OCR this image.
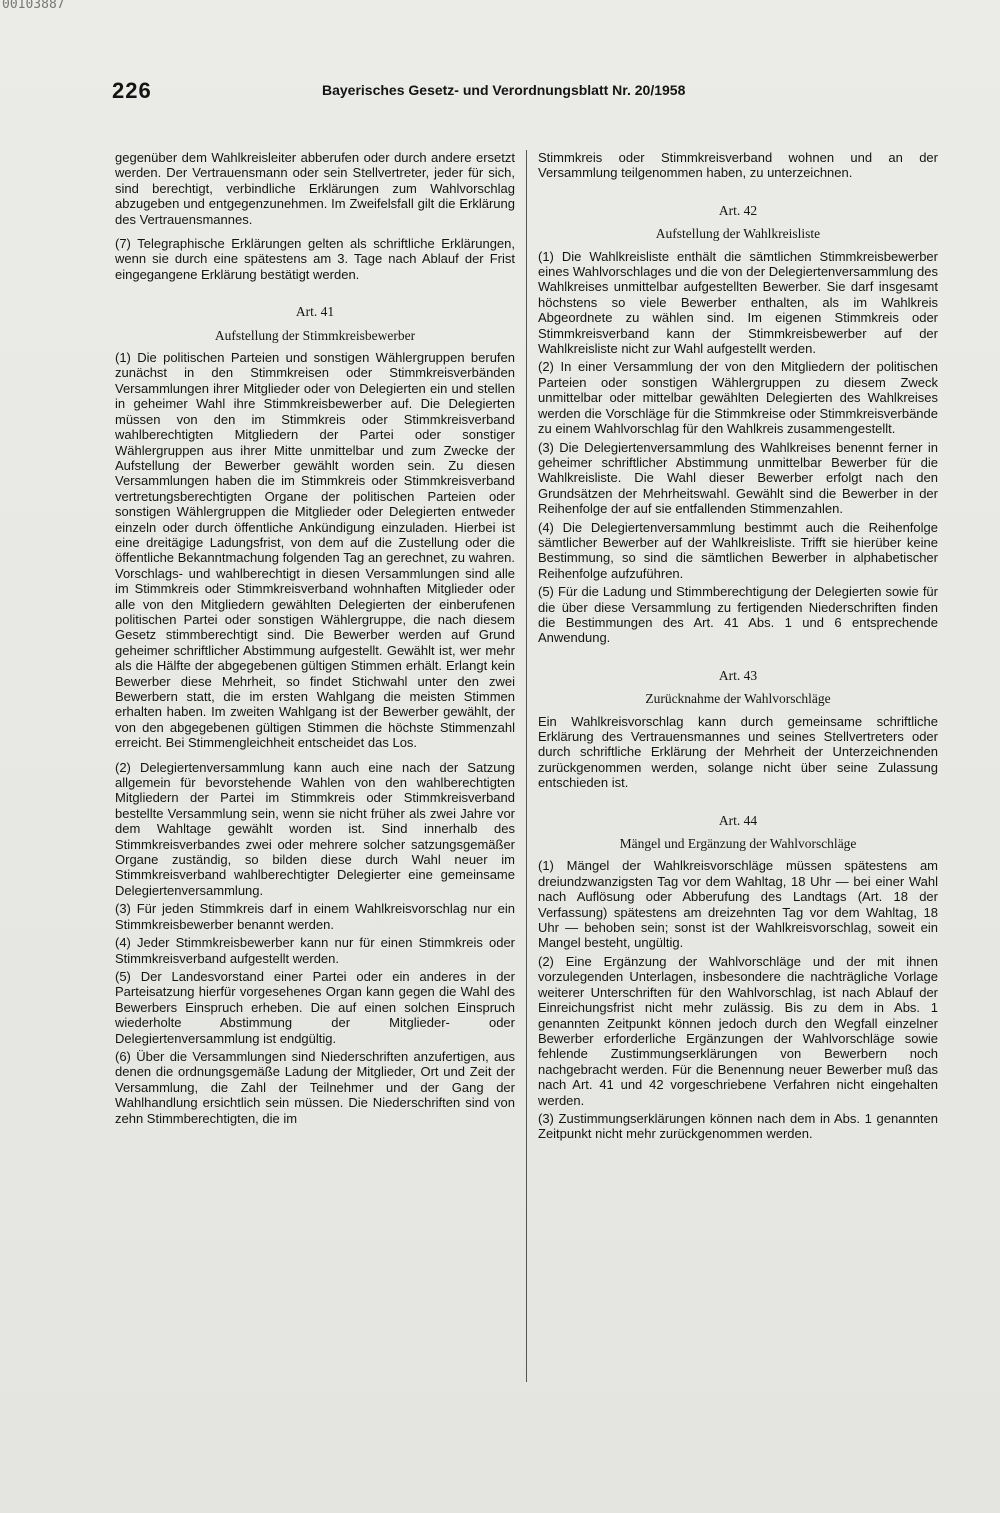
00103887
226	Bayerisches Gesetz- und Verordnungsblatt Nr. 20/1958

gegenüber dem Wahlkreisleiter abberufen oder durch andere ersetzt werden. Der Vertrauensmann oder sein Stellvertreter, jeder für sich, sind berechtigt, verbindliche Erklärungen zum Wahlvorschlag abzugeben und entgegenzunehmen. Im Zweifelsfall gilt die Erklärung des Vertrauensmannes.

(7) Telegraphische Erklärungen gelten als schriftliche Erklärungen, wenn sie durch eine spätestens am 3. Tage nach Ablauf der Frist eingegangene Erklärung bestätigt werden.

Art. 41
Aufstellung der Stimmkreisbewerber

(1) Die politischen Parteien und sonstigen Wählergruppen berufen zunächst in den Stimmkreisen oder Stimmkreisverbänden Versammlungen ihrer Mitglieder oder von Delegierten ein und stellen in geheimer Wahl ihre Stimmkreisbewerber auf. Die Delegierten müssen von den im Stimmkreis oder Stimmkreisverband wahlberechtigten Mitgliedern der Partei oder sonstiger Wählergruppen aus ihrer Mitte unmittelbar und zum Zwecke der Aufstellung der Bewerber gewählt worden sein. Zu diesen Versammlungen haben die im Stimmkreis oder Stimmkreisverband vertretungsberechtigten Organe der politischen Parteien oder sonstigen Wählergruppen die Mitglieder oder Delegierten entweder einzeln oder durch öffentliche Ankündigung einzuladen. Hierbei ist eine dreitägige Ladungsfrist, von dem auf die Zustellung oder die öffentliche Bekanntmachung folgenden Tag an gerechnet, zu wahren. Vorschlags- und wahlberechtigt in diesen Versammlungen sind alle im Stimmkreis oder Stimmkreisverband wohnhaften Mitglieder oder alle von den Mitgliedern gewählten Delegierten der einberufenen politischen Partei oder sonstigen Wählergruppe, die nach diesem Gesetz stimmberechtigt sind. Die Bewerber werden auf Grund geheimer schriftlicher Abstimmung aufgestellt. Gewählt ist, wer mehr als die Hälfte der abgegebenen gültigen Stimmen erhält. Erlangt kein Bewerber diese Mehrheit, so findet Stichwahl unter den zwei Bewerbern statt, die im ersten Wahlgang die meisten Stimmen erhalten haben. Im zweiten Wahlgang ist der Bewerber gewählt, der von den abgegebenen gültigen Stimmen die höchste Stimmenzahl erreicht. Bei Stimmengleichheit entscheidet das Los.

(2) Delegiertenversammlung kann auch eine nach der Satzung allgemein für bevorstehende Wahlen von den wahlberechtigten Mitgliedern der Partei im Stimmkreis oder Stimmkreisverband bestellte Versammlung sein, wenn sie nicht früher als zwei Jahre vor dem Wahltage gewählt worden ist. Sind innerhalb des Stimmkreisverbandes zwei oder mehrere solcher satzungsgemäßer Organe zuständig, so bilden diese durch Wahl neuer im Stimmkreisverband wahlberechtigter Delegierter eine gemeinsame Delegiertenversammlung.

(3) Für jeden Stimmkreis darf in einem Wahlkreisvorschlag nur ein Stimmkreisbewerber benannt werden.

(4) Jeder Stimmkreisbewerber kann nur für einen Stimmkreis oder Stimmkreisverband aufgestellt werden.

(5) Der Landesvorstand einer Partei oder ein anderes in der Parteisatzung hierfür vorgesehenes Organ kann gegen die Wahl des Bewerbers Einspruch erheben. Die auf einen solchen Einspruch wiederholte Abstimmung der Mitglieder- oder Delegiertenversammlung ist endgültig.

(6) Über die Versammlungen sind Niederschriften anzufertigen, aus denen die ordnungsgemäße Ladung der Mitglieder, Ort und Zeit der Versammlung, die Zahl der Teilnehmer und der Gang der Wahlhandlung ersichtlich sein müssen. Die Niederschriften sind von zehn Stimmberechtigten, die im

Stimmkreis oder Stimmkreisverband wohnen und an der Versammlung teilgenommen haben, zu unterzeichnen.

Art. 42
Aufstellung der Wahlkreisliste

(1) Die Wahlkreisliste enthält die sämtlichen Stimmkreisbewerber eines Wahlvorschlages und die von der Delegiertenversammlung des Wahlkreises unmittelbar aufgestellten Bewerber. Sie darf insgesamt höchstens so viele Bewerber enthalten, als im Wahlkreis Abgeordnete zu wählen sind. Im eigenen Stimmkreis oder Stimmkreisverband kann der Stimmkreisbewerber auf der Wahlkreisliste nicht zur Wahl aufgestellt werden.

(2) In einer Versammlung der von den Mitgliedern der politischen Parteien oder sonstigen Wählergruppen zu diesem Zweck unmittelbar oder mittelbar gewählten Delegierten des Wahlkreises werden die Vorschläge für die Stimmkreise oder Stimmkreisverbände zu einem Wahlvorschlag für den Wahlkreis zusammengestellt.

(3) Die Delegiertenversammlung des Wahlkreises benennt ferner in geheimer schriftlicher Abstimmung unmittelbar Bewerber für die Wahlkreisliste. Die Wahl dieser Bewerber erfolgt nach den Grundsätzen der Mehrheitswahl. Gewählt sind die Bewerber in der Reihenfolge der auf sie entfallenden Stimmenzahlen.

(4) Die Delegiertenversammlung bestimmt auch die Reihenfolge sämtlicher Bewerber auf der Wahlkreisliste. Trifft sie hierüber keine Bestimmung, so sind die sämtlichen Bewerber in alphabetischer Reihenfolge aufzuführen.

(5) Für die Ladung und Stimmberechtigung der Delegierten sowie für die über diese Versammlung zu fertigenden Niederschriften finden die Bestimmungen des Art. 41 Abs. 1 und 6 entsprechende Anwendung.

Art. 43
Zurücknahme der Wahlvorschläge

Ein Wahlkreisvorschlag kann durch gemeinsame schriftliche Erklärung des Vertrauensmannes und seines Stellvertreters oder durch schriftliche Erklärung der Mehrheit der Unterzeichnenden zurückgenommen werden, solange nicht über seine Zulassung entschieden ist.

Art. 44
Mängel und Ergänzung der Wahlvorschläge

(1) Mängel der Wahlkreisvorschläge müssen spätestens am dreiundzwanzigsten Tag vor dem Wahltag, 18 Uhr — bei einer Wahl nach Auflösung oder Abberufung des Landtags (Art. 18 der Verfassung) spätestens am dreizehnten Tag vor dem Wahltag, 18 Uhr — behoben sein; sonst ist der Wahlkreisvorschlag, soweit ein Mangel besteht, ungültig.

(2) Eine Ergänzung der Wahlvorschläge und der mit ihnen vorzulegenden Unterlagen, insbesondere die nachträgliche Vorlage weiterer Unterschriften für den Wahlvorschlag, ist nach Ablauf der Einreichungsfrist nicht mehr zulässig. Bis zu dem in Abs. 1 genannten Zeitpunkt können jedoch durch den Wegfall einzelner Bewerber erforderliche Ergänzungen der Wahlvorschläge sowie fehlende Zustimmungserklärungen von Bewerbern noch nachgebracht werden. Für die Benennung neuer Bewerber muß das nach Art. 41 und 42 vorgeschriebene Verfahren nicht eingehalten werden.

(3) Zustimmungserklärungen können nach dem in Abs. 1 genannten Zeitpunkt nicht mehr zurückgenommen werden.
